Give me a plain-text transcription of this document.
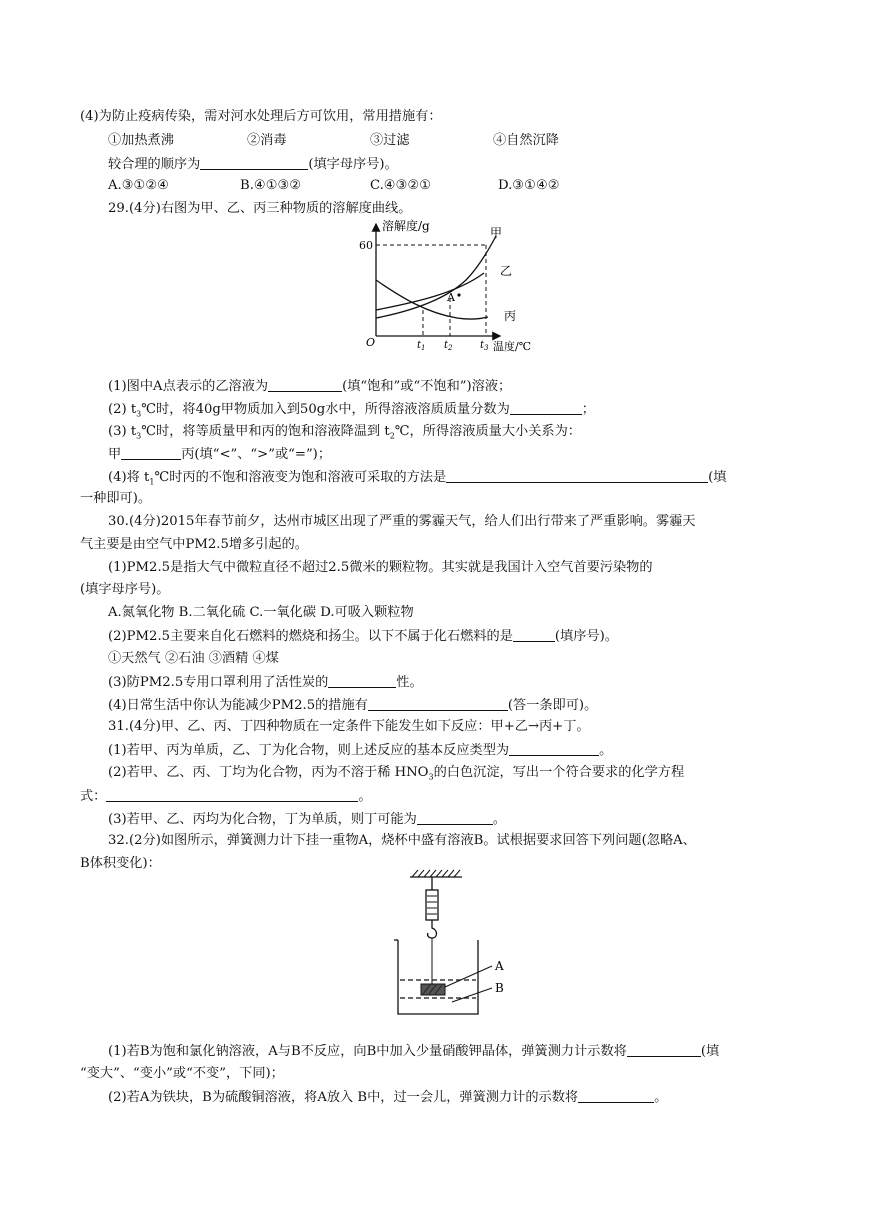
(4)为防止疫病传染，需对河水处理后方可饮用，常用措施有：
①加热煮沸	②消毒	③过滤	④自然沉降
较合理的顺序为	(填字母序号)。
A.③①②④	B.④①③②	C.④③②①	D.③①④②
29.(4分)右图为甲、乙、丙三种物质的溶解度曲线。
溶解度/g
60
O
甲
乙
丙
A
$t_1$ $t_2$	$t_3$ 温度/℃
(1)图中A点表示的乙溶液为	(填“饱和”或“不饱和”)溶液；
(2) $t_3℃$时，将40g甲物质加入到50g水中，所得溶液溶质质量分数为	；
(3) $t_3℃$时，将等质量甲和丙的饱和溶液降温到 $t_2℃$，所得溶液质量大小关系为：
甲	丙(填“<”、“>”或“=”)；
(4)将 $t_1℃$时丙的不饱和溶液变为饱和溶液可采取的方法是	(填
一种即可)。
30.(4分)2015年春节前夕，达州市城区出现了严重的雾霾天气，给人们出行带来了严重影响。雾霾天
气主要是由空气中PM2.5增多引起的。
(1)PM2.5是指大气中微粒直径不超过2.5微米的颗粒物。其实就是我国计入空气首要污染物的
(填字母序号)。
A.氮氧化物 B.二氧化硫 C.一氧化碳 D.可吸入颗粒物
(2)PM2.5主要来自化石燃料的燃烧和扬尘。以下不属于化石燃料的是	(填序号)。
①天然气 ②石油 ③酒精 ④煤
(3)防PM2.5专用口罩利用了活性炭的	性。
(4)日常生活中你认为能减少PM2.5的措施有	(答一条即可)。
31.(4分)甲、乙、丙、丁四种物质在一定条件下能发生如下反应：甲+乙→丙+丁。
(1)若甲、丙为单质，乙、丁为化合物，则上述反应的基本反应类型为	。
(2)若甲、乙、丙、丁均为化合物，丙为不溶于稀 $HNO_3$的白色沉淀，写出一个符合要求的化学方程
式：	。
(3)若甲、乙、丙均为化合物，丁为单质，则丁可能为	。
32.(2分)如图所示，弹簧测力计下挂一重物A，烧杯中盛有溶液B。试根据要求回答下列问题(忽略A、
B体积变化)：
A
B
(1)若B为饱和氯化钠溶液，A与B不反应，向B中加入少量硝酸钾晶体，弹簧测力计示数将	(填
“变大”、“变小”或“不变”，下同)；
(2)若A为铁块，B为硫酸铜溶液，将A放入 B中，过一会儿，弹簧测力计的示数将	。
